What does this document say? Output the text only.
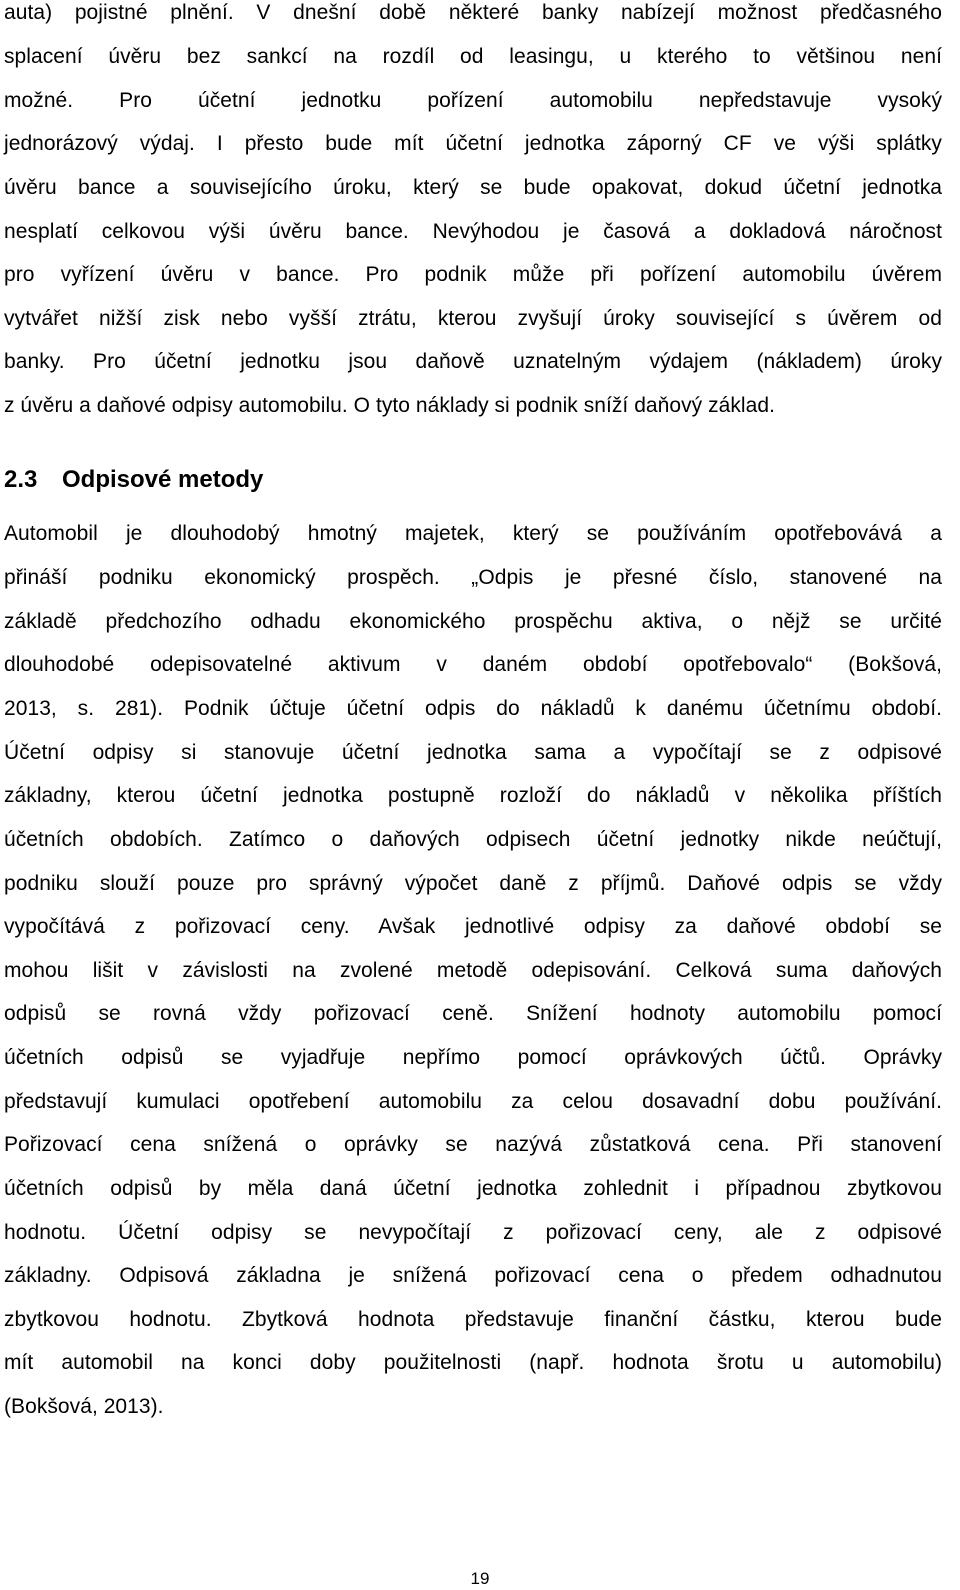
auta) pojistné plnění. V dnešní době některé banky nabízejí možnost předčasného
splacení úvěru bez sankcí na rozdíl od leasingu, u kterého to většinou není
možné. Pro účetní jednotku pořízení automobilu nepředstavuje vysoký
jednorázový výdaj. I přesto bude mít účetní jednotka záporný CF ve výši splátky
úvěru bance a souvisejícího úroku, který se bude opakovat, dokud účetní jednotka
nesplatí celkovou výši úvěru bance. Nevýhodou je časová a dokladová náročnost
pro vyřízení úvěru v bance. Pro podnik může při pořízení automobilu úvěrem
vytvářet nižší zisk nebo vyšší ztrátu, kterou zvyšují úroky související s úvěrem od
banky. Pro účetní jednotku jsou daňově uznatelným výdajem (nákladem) úroky
z úvěru a daňové odpisy automobilu. O tyto náklady si podnik sníží daňový základ.
2.3 Odpisové metody
Automobil je dlouhodobý hmotný majetek, který se používáním opotřebovává a
přináší podniku ekonomický prospěch. „Odpis je přesné číslo, stanovené na
základě předchozího odhadu ekonomického prospěchu aktiva, o nějž se určité
dlouhodobé odepisovatelné aktivum v daném období opotřebovalo“ (Bokšová,
2013, s. 281). Podnik účtuje účetní odpis do nákladů k danému účetnímu období.
Účetní odpisy si stanovuje účetní jednotka sama a vypočítají se z odpisové
základny, kterou účetní jednotka postupně rozloží do nákladů v několika příštích
účetních obdobích. Zatímco o daňových odpisech účetní jednotky nikde neúčtují,
podniku slouží pouze pro správný výpočet daně z příjmů. Daňové odpis se vždy
vypočítává z pořizovací ceny. Avšak jednotlivé odpisy za daňové období se
mohou lišit v závislosti na zvolené metodě odepisování. Celková suma daňových
odpisů se rovná vždy pořizovací ceně. Snížení hodnoty automobilu pomocí
účetních odpisů se vyjadřuje nepřímo pomocí oprávkových účtů. Oprávky
představují kumulaci opotřebení automobilu za celou dosavadní dobu používání.
Pořizovací cena snížená o oprávky se nazývá zůstatková cena. Při stanovení
účetních odpisů by měla daná účetní jednotka zohlednit i případnou zbytkovou
hodnotu. Účetní odpisy se nevypočítají z pořizovací ceny, ale z odpisové
základny. Odpisová základna je snížená pořizovací cena o předem odhadnutou
zbytkovou hodnotu. Zbytková hodnota představuje finanční částku, kterou bude
mít automobil na konci doby použitelnosti (např. hodnota šrotu u automobilu)
(Bokšová, 2013).
19
